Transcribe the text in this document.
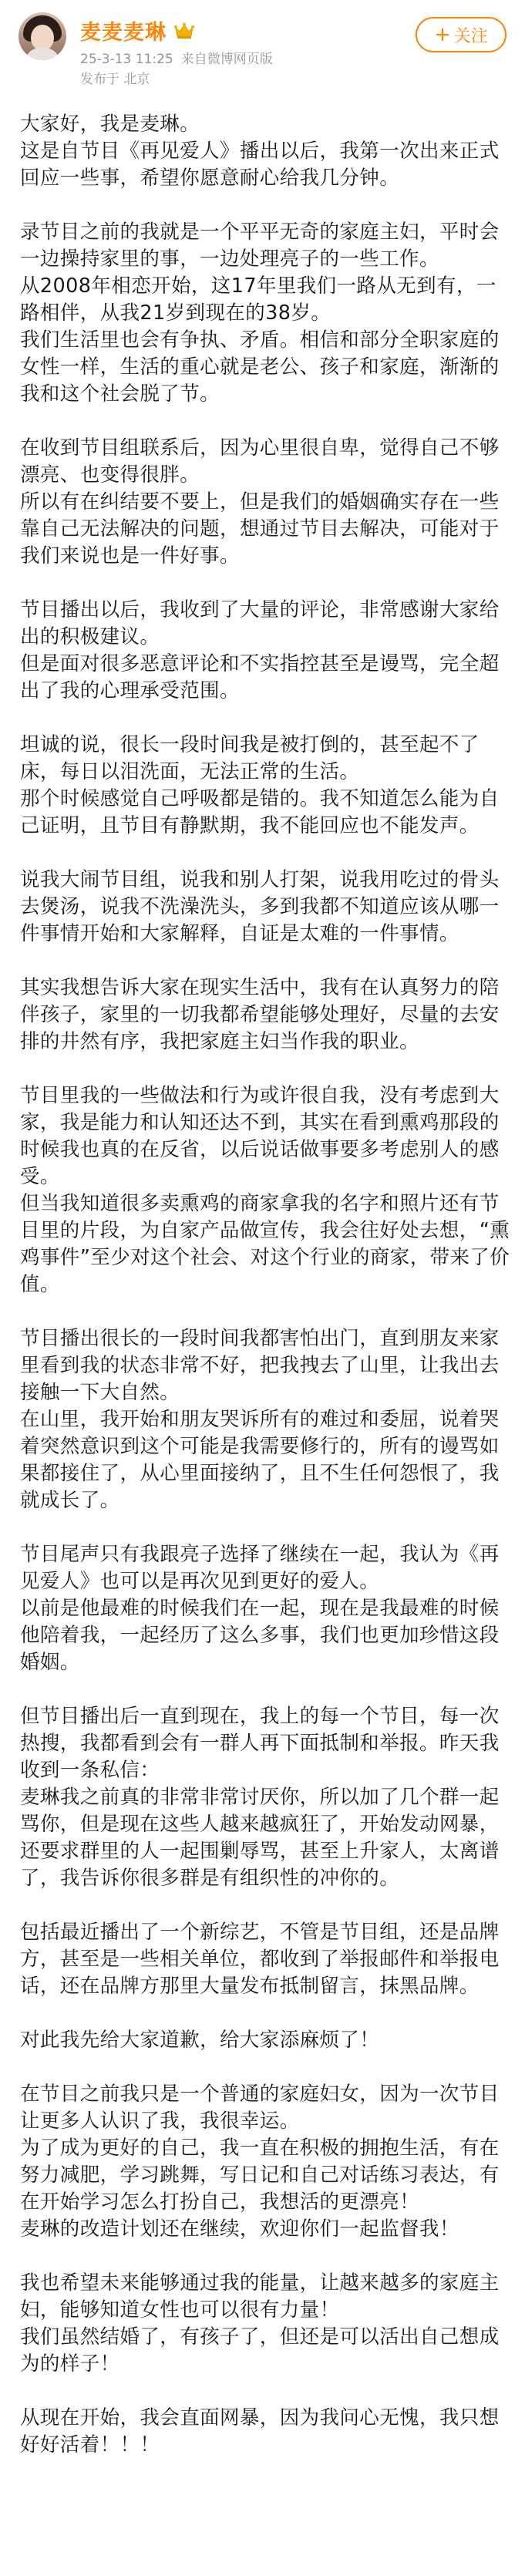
麦麦麦琳
25-3-13 11:25 来自微博网页版
发布于 北京
+ 关注

大家好，我是麦琳。
这是自节目《再见爱人》播出以后，我第一次出来正式回应一些事，希望你愿意耐心给我几分钟。

录节目之前的我就是一个平平无奇的家庭主妇，平时会一边操持家里的事，一边处理亮子的一些工作。
从2008年相恋开始，这17年里我们一路从无到有，一路相伴，从我21岁到现在的38岁。
我们生活里也会有争执、矛盾。相信和部分全职家庭的女性一样，生活的重心就是老公、孩子和家庭，渐渐的我和这个社会脱了节。

在收到节目组联系后，因为心里很自卑，觉得自己不够漂亮、也变得很胖。
所以有在纠结要不要上，但是我们的婚姻确实存在一些靠自己无法解决的问题，想通过节目去解决，可能对于我们来说也是一件好事。

节目播出以后，我收到了大量的评论，非常感谢大家给出的积极建议。
但是面对很多恶意评论和不实指控甚至是谩骂，完全超出了我的心理承受范围。

坦诚的说，很长一段时间我是被打倒的，甚至起不了床，每日以泪洗面，无法正常的生活。
那个时候感觉自己呼吸都是错的。我不知道怎么能为自己证明，且节目有静默期，我不能回应也不能发声。

说我大闹节目组，说我和别人打架，说我用吃过的骨头去煲汤，说我不洗澡洗头，多到我都不知道应该从哪一件事情开始和大家解释，自证是太难的一件事情。

其实我想告诉大家在现实生活中，我有在认真努力的陪伴孩子，家里的一切我都希望能够处理好，尽量的去安排的井然有序，我把家庭主妇当作我的职业。

节目里我的一些做法和行为或许很自我，没有考虑到大家，我是能力和认知还达不到，其实在看到熏鸡那段的时候我也真的在反省，以后说话做事要多考虑别人的感受。
但当我知道很多卖熏鸡的商家拿我的名字和照片还有节目里的片段，为自家产品做宣传，我会往好处去想，“熏鸡事件”至少对这个社会、对这个行业的商家，带来了价值。

节目播出很长的一段时间我都害怕出门，直到朋友来家里看到我的状态非常不好，把我拽去了山里，让我出去接触一下大自然。
在山里，我开始和朋友哭诉所有的难过和委屈，说着哭着突然意识到这个可能是我需要修行的，所有的谩骂如果都接住了，从心里面接纳了，且不生任何怨恨了，我就成长了。

节目尾声只有我跟亮子选择了继续在一起，我认为《再见爱人》也可以是再次见到更好的爱人。
以前是他最难的时候我们在一起，现在是我最难的时候他陪着我，一起经历了这么多事，我们也更加珍惜这段婚姻。

但节目播出后一直到现在，我上的每一个节目，每一次热搜，我都看到会有一群人再下面抵制和举报。昨天我收到一条私信：
麦琳我之前真的非常非常讨厌你，所以加了几个群一起骂你，但是现在这些人越来越疯狂了，开始发动网暴，还要求群里的人一起围剿辱骂，甚至上升家人，太离谱了，我告诉你很多群是有组织性的冲你的。

包括最近播出了一个新综艺，不管是节目组，还是品牌方，甚至是一些相关单位，都收到了举报邮件和举报电话，还在品牌方那里大量发布抵制留言，抹黑品牌。

对此我先给大家道歉，给大家添麻烦了！

在节目之前我只是一个普通的家庭妇女，因为一次节目让更多人认识了我，我很幸运。
为了成为更好的自己，我一直在积极的拥抱生活，有在努力减肥，学习跳舞，写日记和自己对话练习表达，有在开始学习怎么打扮自己，我想活的更漂亮！
麦琳的改造计划还在继续，欢迎你们一起监督我！

我也希望未来能够通过我的能量，让越来越多的家庭主妇，能够知道女性也可以很有力量！
我们虽然结婚了，有孩子了，但还是可以活出自己想成为的样子！

从现在开始，我会直面网暴，因为我问心无愧，我只想好好活着！！！
